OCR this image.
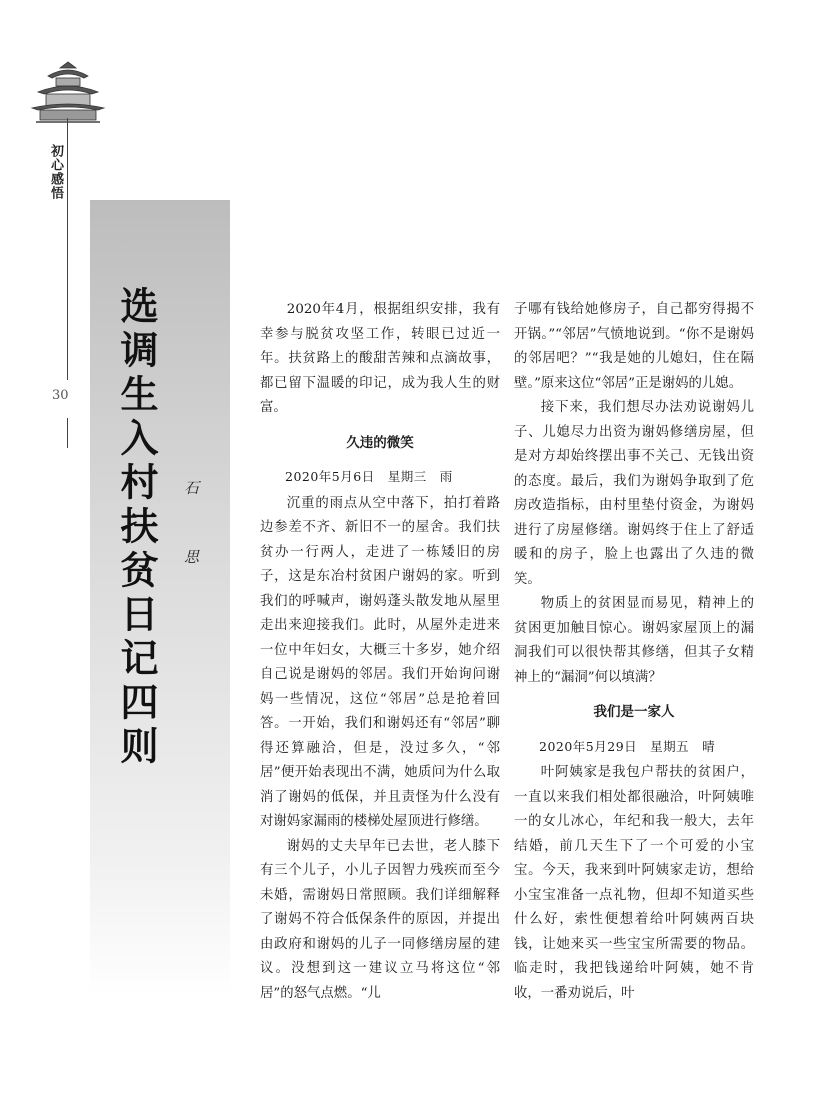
初心感悟
30 选调生入村扶贫日记四则 石 思

2020年4月，根据组织安排，我有幸参与脱贫攻坚工作，转眼已过近一年。扶贫路上的酸甜苦辣和点滴故事，都已留下温暖的印记，成为我人生的财富。

久违的微笑
2020年5月6日　星期三　雨

沉重的雨点从空中落下，拍打着路边参差不齐、新旧不一的屋舍。我们扶贫办一行两人，走进了一栋矮旧的房子，这是东冶村贫困户谢妈的家。听到我们的呼喊声，谢妈蓬头散发地从屋里走出来迎接我们。此时，从屋外走进来一位中年妇女，大概三十多岁，她介绍自己说是谢妈的邻居。我们开始询问谢妈一些情况，这位“邻居”总是抢着回答。一开始，我们和谢妈还有“邻居”聊得还算融洽，但是，没过多久，“邻居”便开始表现出不满，她质问为什么取消了谢妈的低保，并且责怪为什么没有对谢妈家漏雨的楼梯处屋顶进行修缮。

谢妈的丈夫早年已去世，老人膝下有三个儿子，小儿子因智力残疾而至今未婚，需谢妈日常照顾。我们详细解释了谢妈不符合低保条件的原因，并提出由政府和谢妈的儿子一同修缮房屋的建议。没想到这一建议立马将这位“邻居”的怒气点燃。“儿

子哪有钱给她修房子，自己都穷得揭不开锅。”“邻居”气愤地说到。“你不是谢妈的邻居吧？”“我是她的儿媳妇，住在隔壁。”原来这位“邻居”正是谢妈的儿媳。

接下来，我们想尽办法劝说谢妈儿子、儿媳尽力出资为谢妈修缮房屋，但是对方却始终摆出事不关己、无钱出资的态度。最后，我们为谢妈争取到了危房改造指标，由村里垫付资金，为谢妈进行了房屋修缮。谢妈终于住上了舒适暖和的房子，脸上也露出了久违的微笑。

物质上的贫困显而易见，精神上的贫困更加触目惊心。谢妈家屋顶上的漏洞我们可以很快帮其修缮，但其子女精神上的“漏洞”何以填满？

我们是一家人
2020年5月29日　星期五　晴

叶阿姨家是我包户帮扶的贫困户，一直以来我们相处都很融洽，叶阿姨唯一的女儿冰心，年纪和我一般大，去年结婚，前几天生下了一个可爱的小宝宝。今天，我来到叶阿姨家走访，想给小宝宝准备一点礼物，但却不知道买些什么好，索性便想着给叶阿姨两百块钱，让她来买一些宝宝所需要的物品。临走时，我把钱递给叶阿姨，她不肯收，一番劝说后，叶
